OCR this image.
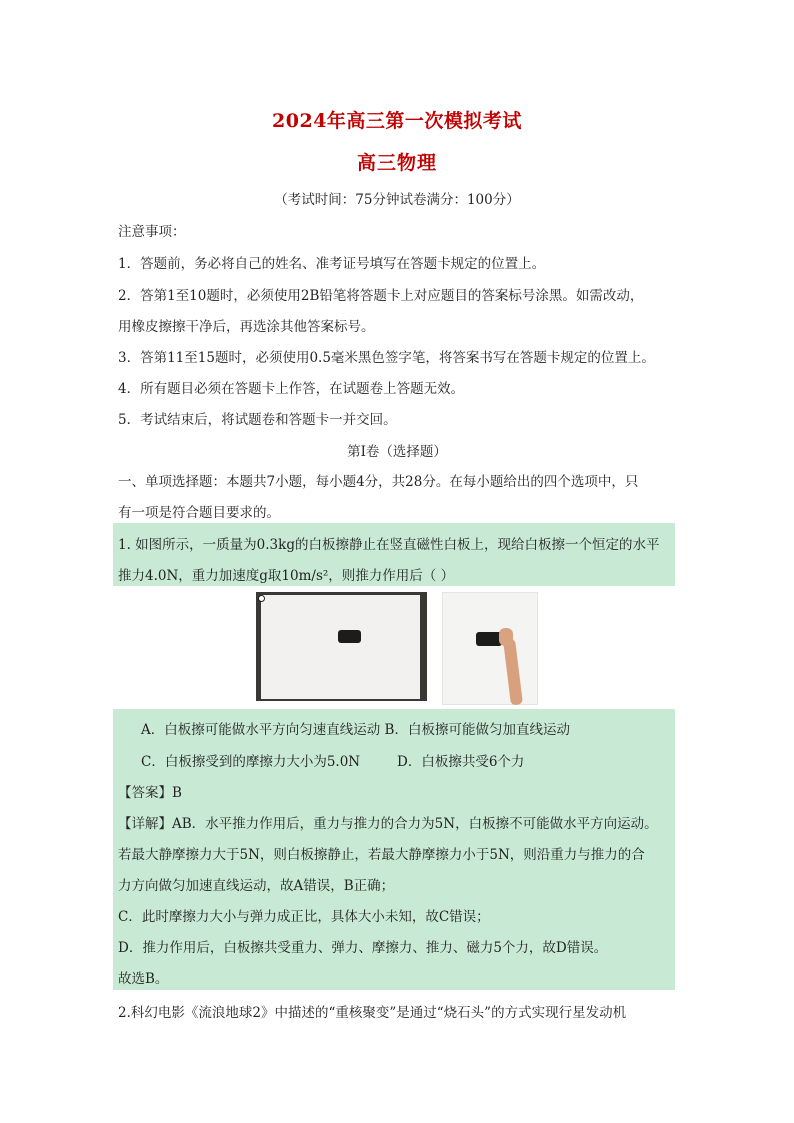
2024年高三第一次模拟考试
高三物理
（考试时间：75分钟试卷满分：100分）
注意事项：
1．答题前，务必将自己的姓名、准考证号填写在答题卡规定的位置上。
2．答第1至10题时，必须使用2B铅笔将答题卡上对应题目的答案标号涂黑。如需改动，
用橡皮擦擦干净后，再选涂其他答案标号。
3．答第11至15题时，必须使用0.5毫米黑色签字笔，将答案书写在答题卡规定的位置上。
4．所有题目必须在答题卡上作答，在试题卷上答题无效。
5．考试结束后，将试题卷和答题卡一并交回。
第Ⅰ卷（选择题）
一、单项选择题：本题共7小题，每小题4分，共28分。在每小题给出的四个选项中，只
有一项是符合题目要求的。
1. 如图所示，一质量为0.3kg的白板擦静止在竖直磁性白板上，现给白板擦一个恒定的水平
推力4.0N，重力加速度g取10m/s²，则推力作用后（ ）
A．白板擦可能做水平方向匀速直线运动 B．白板擦可能做匀加直线运动
C．白板擦受到的摩擦力大小为5.0N	D．白板擦共受6个力
【答案】B
【详解】AB．水平推力作用后，重力与推力的合力为5N，白板擦不可能做水平方向运动。
若最大静摩擦力大于5N，则白板擦静止，若最大静摩擦力小于5N，则沿重力与推力的合
力方向做匀加速直线运动，故A错误，B正确；
C．此时摩擦力大小与弹力成正比，具体大小未知，故C错误；
D．推力作用后，白板擦共受重力、弹力、摩擦力、推力、磁力5个力，故D错误。
故选B。
2.科幻电影《流浪地球2》中描述的“重核聚变”是通过“烧石头”的方式实现行星发动机
